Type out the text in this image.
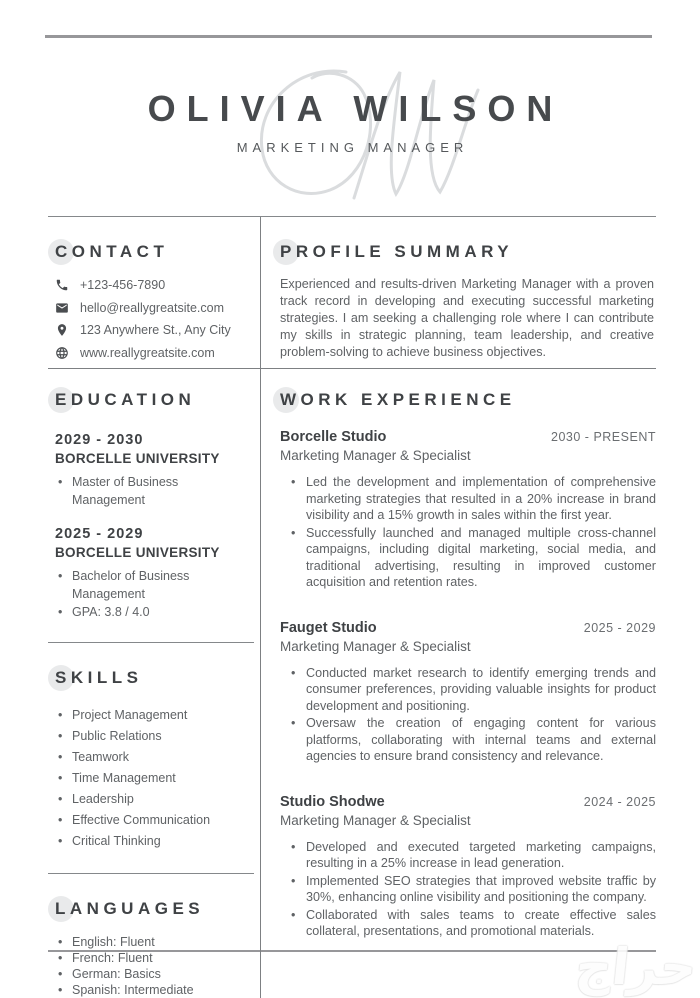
OLIVIA WILSON
MARKETING MANAGER
CONTACT
+123-456-7890
hello@reallygreatsite.com
123 Anywhere St., Any City
www.reallygreatsite.com
PROFILE SUMMARY

Experienced and results-driven Marketing Manager with a proven track record in developing and executing successful marketing strategies. I am seeking a challenging role where I can contribute my skills in strategic planning, team leadership, and creative problem-solving to achieve business objectives.

EDUCATION
2029 - 2030
BORCELLE UNIVERSITY
• Master of Business Management
2025 - 2029
BORCELLE UNIVERSITY
• Bachelor of Business Management
• GPA: 3.8 / 4.0
SKILLS
• Project Management
• Public Relations
• Teamwork
• Time Management
• Leadership
• Effective Communication
• Critical Thinking
LANGUAGES
• English: Fluent
• French: Fluent
• German: Basics
• Spanish: Intermediate
WORK EXPERIENCE
Borcelle Studio	2030 - PRESENT
Marketing Manager & Specialist
• Led the development and implementation of comprehensive marketing strategies that resulted in a 20% increase in brand visibility and a 15% growth in sales within the first year.
• Successfully launched and managed multiple cross-channel campaigns, including digital marketing, social media, and traditional advertising, resulting in improved customer acquisition and retention rates.
Fauget Studio	2025 - 2029
Marketing Manager & Specialist
• Conducted market research to identify emerging trends and consumer preferences, providing valuable insights for product development and positioning.
• Oversaw the creation of engaging content for various platforms, collaborating with internal teams and external agencies to ensure brand consistency and relevance.
Studio Shodwe	2024 - 2025
Marketing Manager & Specialist
• Developed and executed targeted marketing campaigns, resulting in a 25% increase in lead generation.
• Implemented SEO strategies that improved website traffic by 30%, enhancing online visibility and positioning the company.
• Collaborated with sales teams to create effective sales collateral, presentations, and promotional materials.
حراج
